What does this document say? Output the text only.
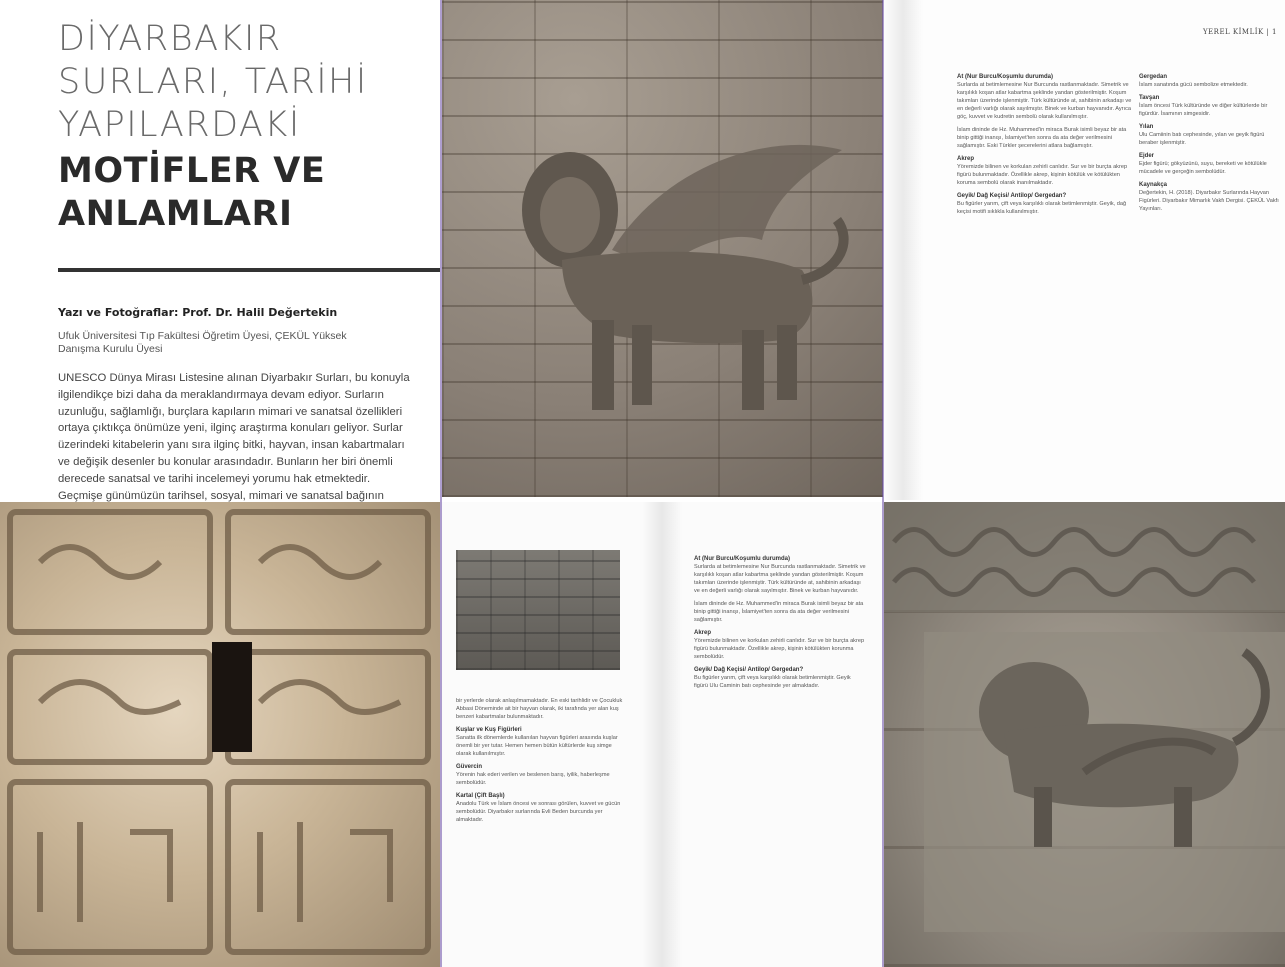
DİYARBAKIR SURLARI, TARİHİ YAPILARDAKİ
MOTİFLER VE ANLAMLARI
Yazı ve Fotoğraflar: Prof. Dr. Halil Değertekin
Ufuk Üniversitesi Tıp Fakültesi Öğretim Üyesi, ÇEKÜL Yüksek Danışma Kurulu Üyesi
UNESCO Dünya Mirası Listesine alınan Diyarbakır Surları, bu konuyla ilgilendikçe bizi daha da meraklandırmaya devam ediyor. Surların uzunluğu, sağlamlığı, burçlara kapıların mimari ve sanatsal özellikleri ortaya çıktıkça önümüze yeni, ilginç araştırma konuları geliyor. Surlar üzerindeki kitabelerin yanı sıra ilginç bitki, hayvan, insan kabartmaları ve değişik desenler bu konular arasındadır. Bunların her biri önemli derecede sanatsal ve tarihi incelemeyi yorumu hak etmektedir. Geçmişe günümüzün tarihsel, sosyal, mimari ve sanatsal bağının
YEREL KİMLİK | 1
At (Nur Burcu/Koşumlu durumda)
Surlarda at betimlemesine Nur Burcunda rastlanmaktadır. Simetrik ve karşılıklı koşan atlar kabartma şeklinde yandan gösterilmiştir. Koşum takımları üzerinde işlenmiştir. Türk kültüründe at, sahibinin arkadaşı ve en değerli varlığı olarak sayılmıştır. Binek ve kurban hayvanıdır. Ayrıca göç, kuvvet ve kudretin sembolü olarak kullanılmıştır.
İslam dininde de Hz. Muhammed'in miraca Burak isimli beyaz bir ata binip gittiği inanışı, İslamiyet'ten sonra da ata değer verilmesini sağlamıştır. Eski Türkler şecerelerini atlara bağlamıştır.
Akrep
Yöremizde bilinen ve korkulan zehirli canlıdır. Sur ve bir burçta akrep figürü bulunmaktadır. Özellikle akrep, kişinin kötülük ve kötülükten koruma sembolü olarak inanılmaktadır.
Geyik/ Dağ Keçisi/ Antilop/ Gergedan?
Bu figürler yarım, çift veya karşılıklı olarak betimlenmiştir. Geyik, dağ keçisi motifi sıklıkla kullanılmıştır.
Gergedan
İslam sanatında gücü sembolize etmektedir.
Tavşan
İslam öncesi Türk kültüründe ve diğer kültürlerde bir figürdür. İsamının simgesidir.
Yılan
Ulu Camiinin batı cephesinde, yılan ve geyik figürü beraber işlenmiştir.
Ejder
Ejder figürü; gökyüzünü, suyu, bereketi ve kötülükle mücadele ve gerçeğin sembolüdür.
Kaynakça
Değertekin, H. (2018). Diyarbakır Surlarında Hayvan Figürleri. Diyarbakır Mimarlık Vakfı Dergisi. ÇEKÜL Vakfı Yayınları.
bir yerlerde olarak anlaşılmamaktadır. En eski tarihlidir ve Çocukluk Abbasi Döneminde ait bir hayvan olarak, iki tarafında yer alan kuş benzeri kabartmalar bulunmaktadır.
Kuşlar ve Kuş Figürleri
Sanatta ilk dönemlerde kullanılan hayvan figürleri arasında kuşlar önemli bir yer tutar. Hemen hemen bütün kültürlerde kuş simge olarak kullanılmıştır.
Güvercin
Yörenin hak ederi verilen ve beslenen barış, iyilik, haberleşme sembolüdür.
Kartal (Çift Başlı)
Anadolu Türk ve İslam öncesi ve sonrası görülen, kuvvet ve gücün sembolüdür. Diyarbakır surlarında Evli Beden burcunda yer almaktadır.
At (Nur Burcu/Koşumlu durumda)
Surlarda at betimlemesine Nur Burcunda rastlanmaktadır. Simetrik ve karşılıklı koşan atlar kabartma şeklinde yandan gösterilmiştir. Koşum takımları üzerinde işlenmiştir. Türk kültüründe at, sahibinin arkadaşı ve en değerli varlığı olarak sayılmıştır. Binek ve kurban hayvanıdır.
İslam dininde de Hz. Muhammed'in miraca Burak isimli beyaz bir ata binip gittiği inanışı, İslamiyet'ten sonra da ata değer verilmesini sağlamıştır.
Akrep
Yöremizde bilinen ve korkulan zehirli canlıdır. Sur ve bir burçta akrep figürü bulunmaktadır. Özellikle akrep, kişinin kötülükten korunma sembolüdür.
Geyik/ Dağ Keçisi/ Antilop/ Gergedan?
Bu figürler yarım, çift veya karşılıklı olarak betimlenmiştir. Geyik figürü Ulu Caminin batı cephesinde yer almaktadır.
